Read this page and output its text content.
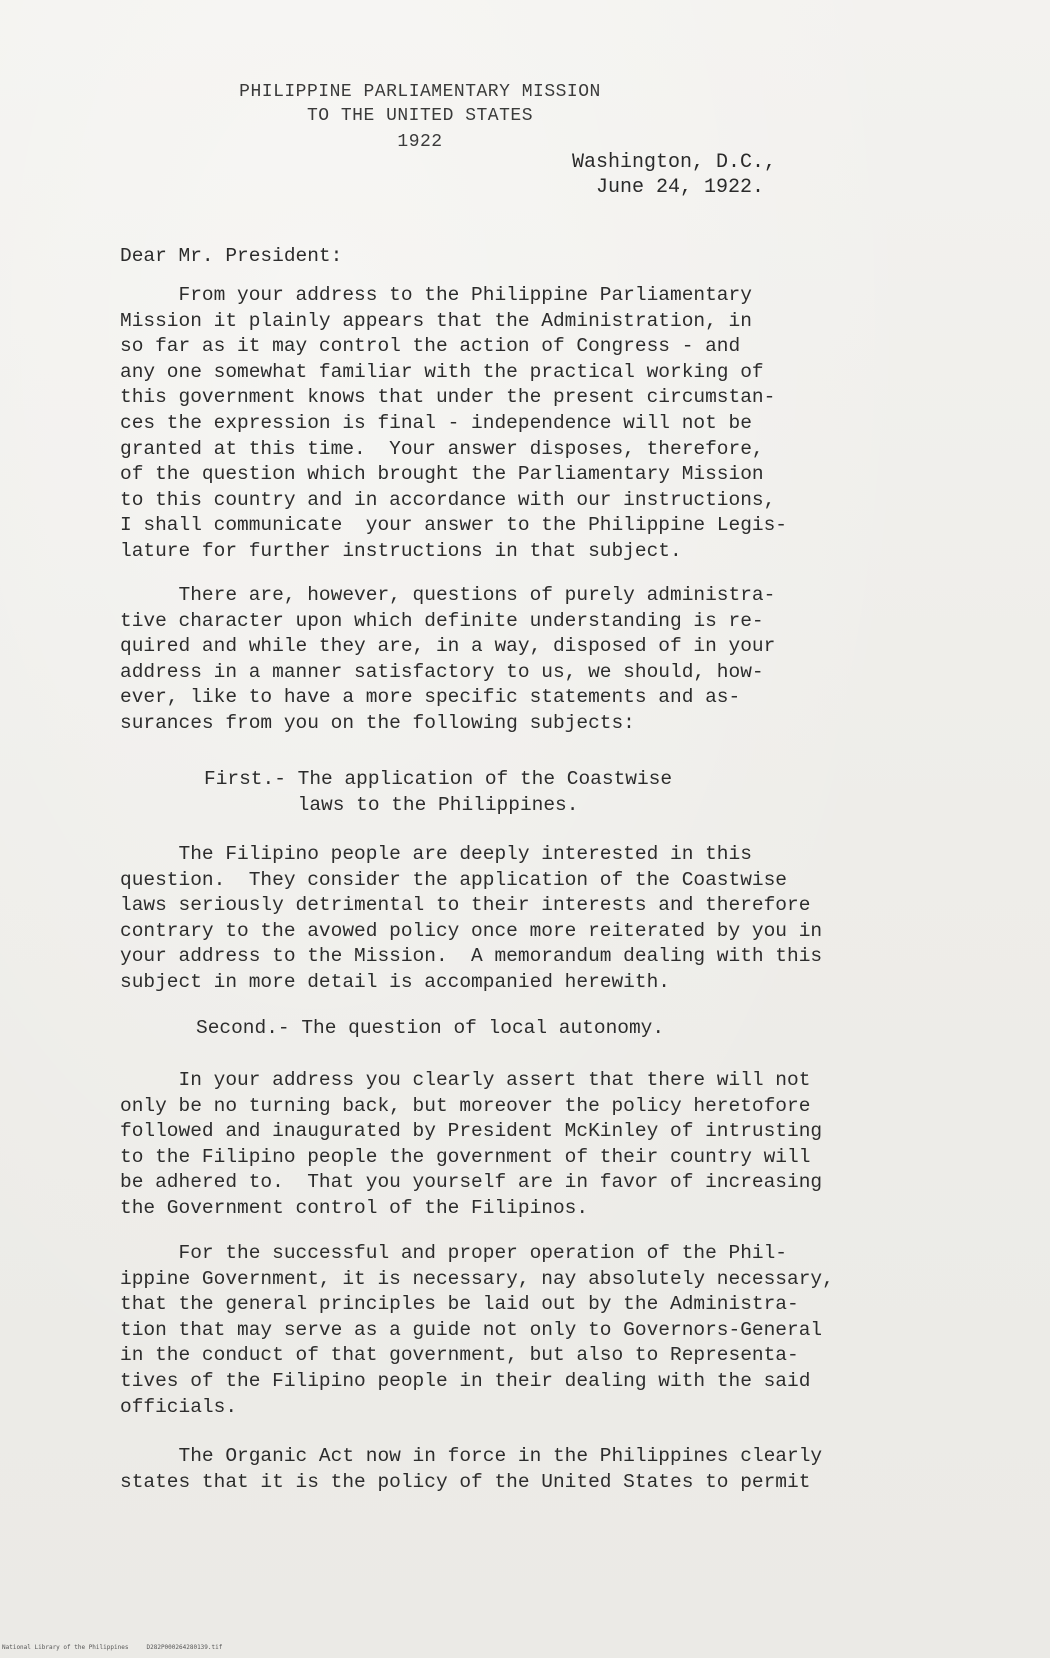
PHILIPPINE PARLIAMENTARY MISSION
TO THE UNITED STATES
1922
Washington, D.C.,
June 24, 1922.
Dear Mr. President:
From your address to the Philippine Parliamentary
Mission it plainly appears that the Administration, in
so far as it may control the action of Congress - and
any one somewhat familiar with the practical working of
this government knows that under the present circumstan-
ces the expression is final - independence will not be
granted at this time.  Your answer disposes, therefore,
of the question which brought the Parliamentary Mission
to this country and in accordance with our instructions,
I shall communicate  your answer to the Philippine Legis-
lature for further instructions in that subject.
There are, however, questions of purely administra-
tive character upon which definite understanding is re-
quired and while they are, in a way, disposed of in your
address in a manner satisfactory to us, we should, how-
ever, like to have a more specific statements and as-
surances from you on the following subjects:
First.- The application of the Coastwise
laws to the Philippines.
The Filipino people are deeply interested in this
question.  They consider the application of the Coastwise
laws seriously detrimental to their interests and therefore
contrary to the avowed policy once more reiterated by you in
your address to the Mission.  A memorandum dealing with this
subject in more detail is accompanied herewith.
Second.- The question of local autonomy.
In your address you clearly assert that there will not
only be no turning back, but moreover the policy heretofore
followed and inaugurated by President McKinley of intrusting
to the Filipino people the government of their country will
be adhered to.  That you yourself are in favor of increasing
the Government control of the Filipinos.
For the successful and proper operation of the Phil-
ippine Government, it is necessary, nay absolutely necessary,
that the general principles be laid out by the Administra-
tion that may serve as a guide not only to Governors-General
in the conduct of that government, but also to Representa-
tives of the Filipino people in their dealing with the said
officials.
The Organic Act now in force in the Philippines clearly
states that it is the policy of the United States to permit
National Library of the Philippines     D282P000264280139.tif
